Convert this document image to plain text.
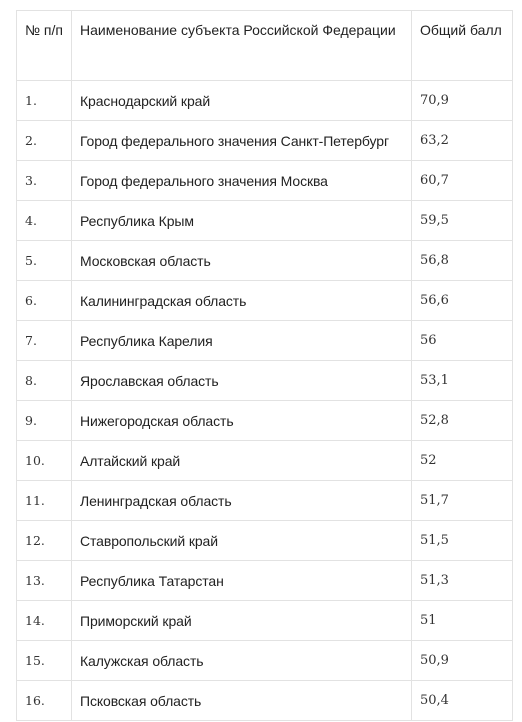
№ п/п	Наименование субъекта Российской Федерации	Общий балл
1.	Краснодарский край	70,9
2.	Город федерального значения Санкт-Петербург	63,2
3.	Город федерального значения Москва	60,7
4.	Республика Крым	59,5
5.	Московская область	56,8
6.	Калининградская область	56,6
7.	Республика Карелия	56
8.	Ярославская область	53,1
9.	Нижегородская область	52,8
10.	Алтайский край	52
11.	Ленинградская область	51,7
12.	Ставропольский край	51,5
13.	Республика Татарстан	51,3
14.	Приморский край	51
15.	Калужская область	50,9
16.	Псковская область	50,4
